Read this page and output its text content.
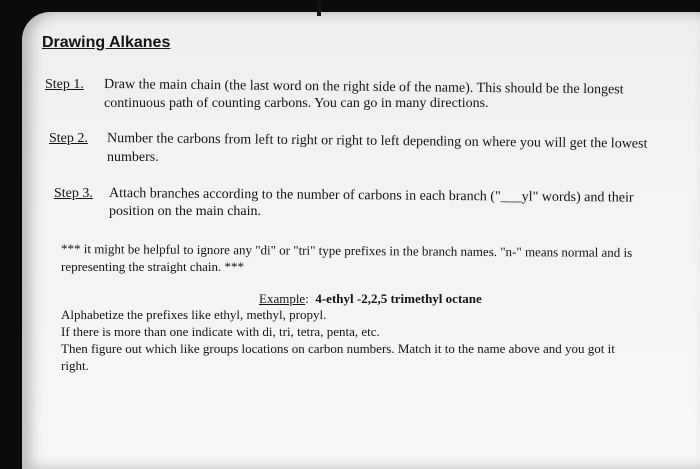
Drawing Alkanes
Step 1. Draw the main chain (the last word on the right side of the name). This should be the longest
continuous path of counting carbons. You can go in many directions.
Step 2. Number the carbons from left to right or right to left depending on where you will get the lowest
numbers.
Step 3. Attach branches according to the number of carbons in each branch ("___yl" words) and their
position on the main chain.
*** it might be helpful to ignore any "di" or "tri" type prefixes in the branch names. "n-" means normal and is
representing the straight chain. ***
Example: 4-ethyl -2,2,5 trimethyl octane
Alphabetize the prefixes like ethyl, methyl, propyl.
If there is more than one indicate with di, tri, tetra, penta, etc.
Then figure out which like groups locations on carbon numbers. Match it to the name above and you got it
right.
